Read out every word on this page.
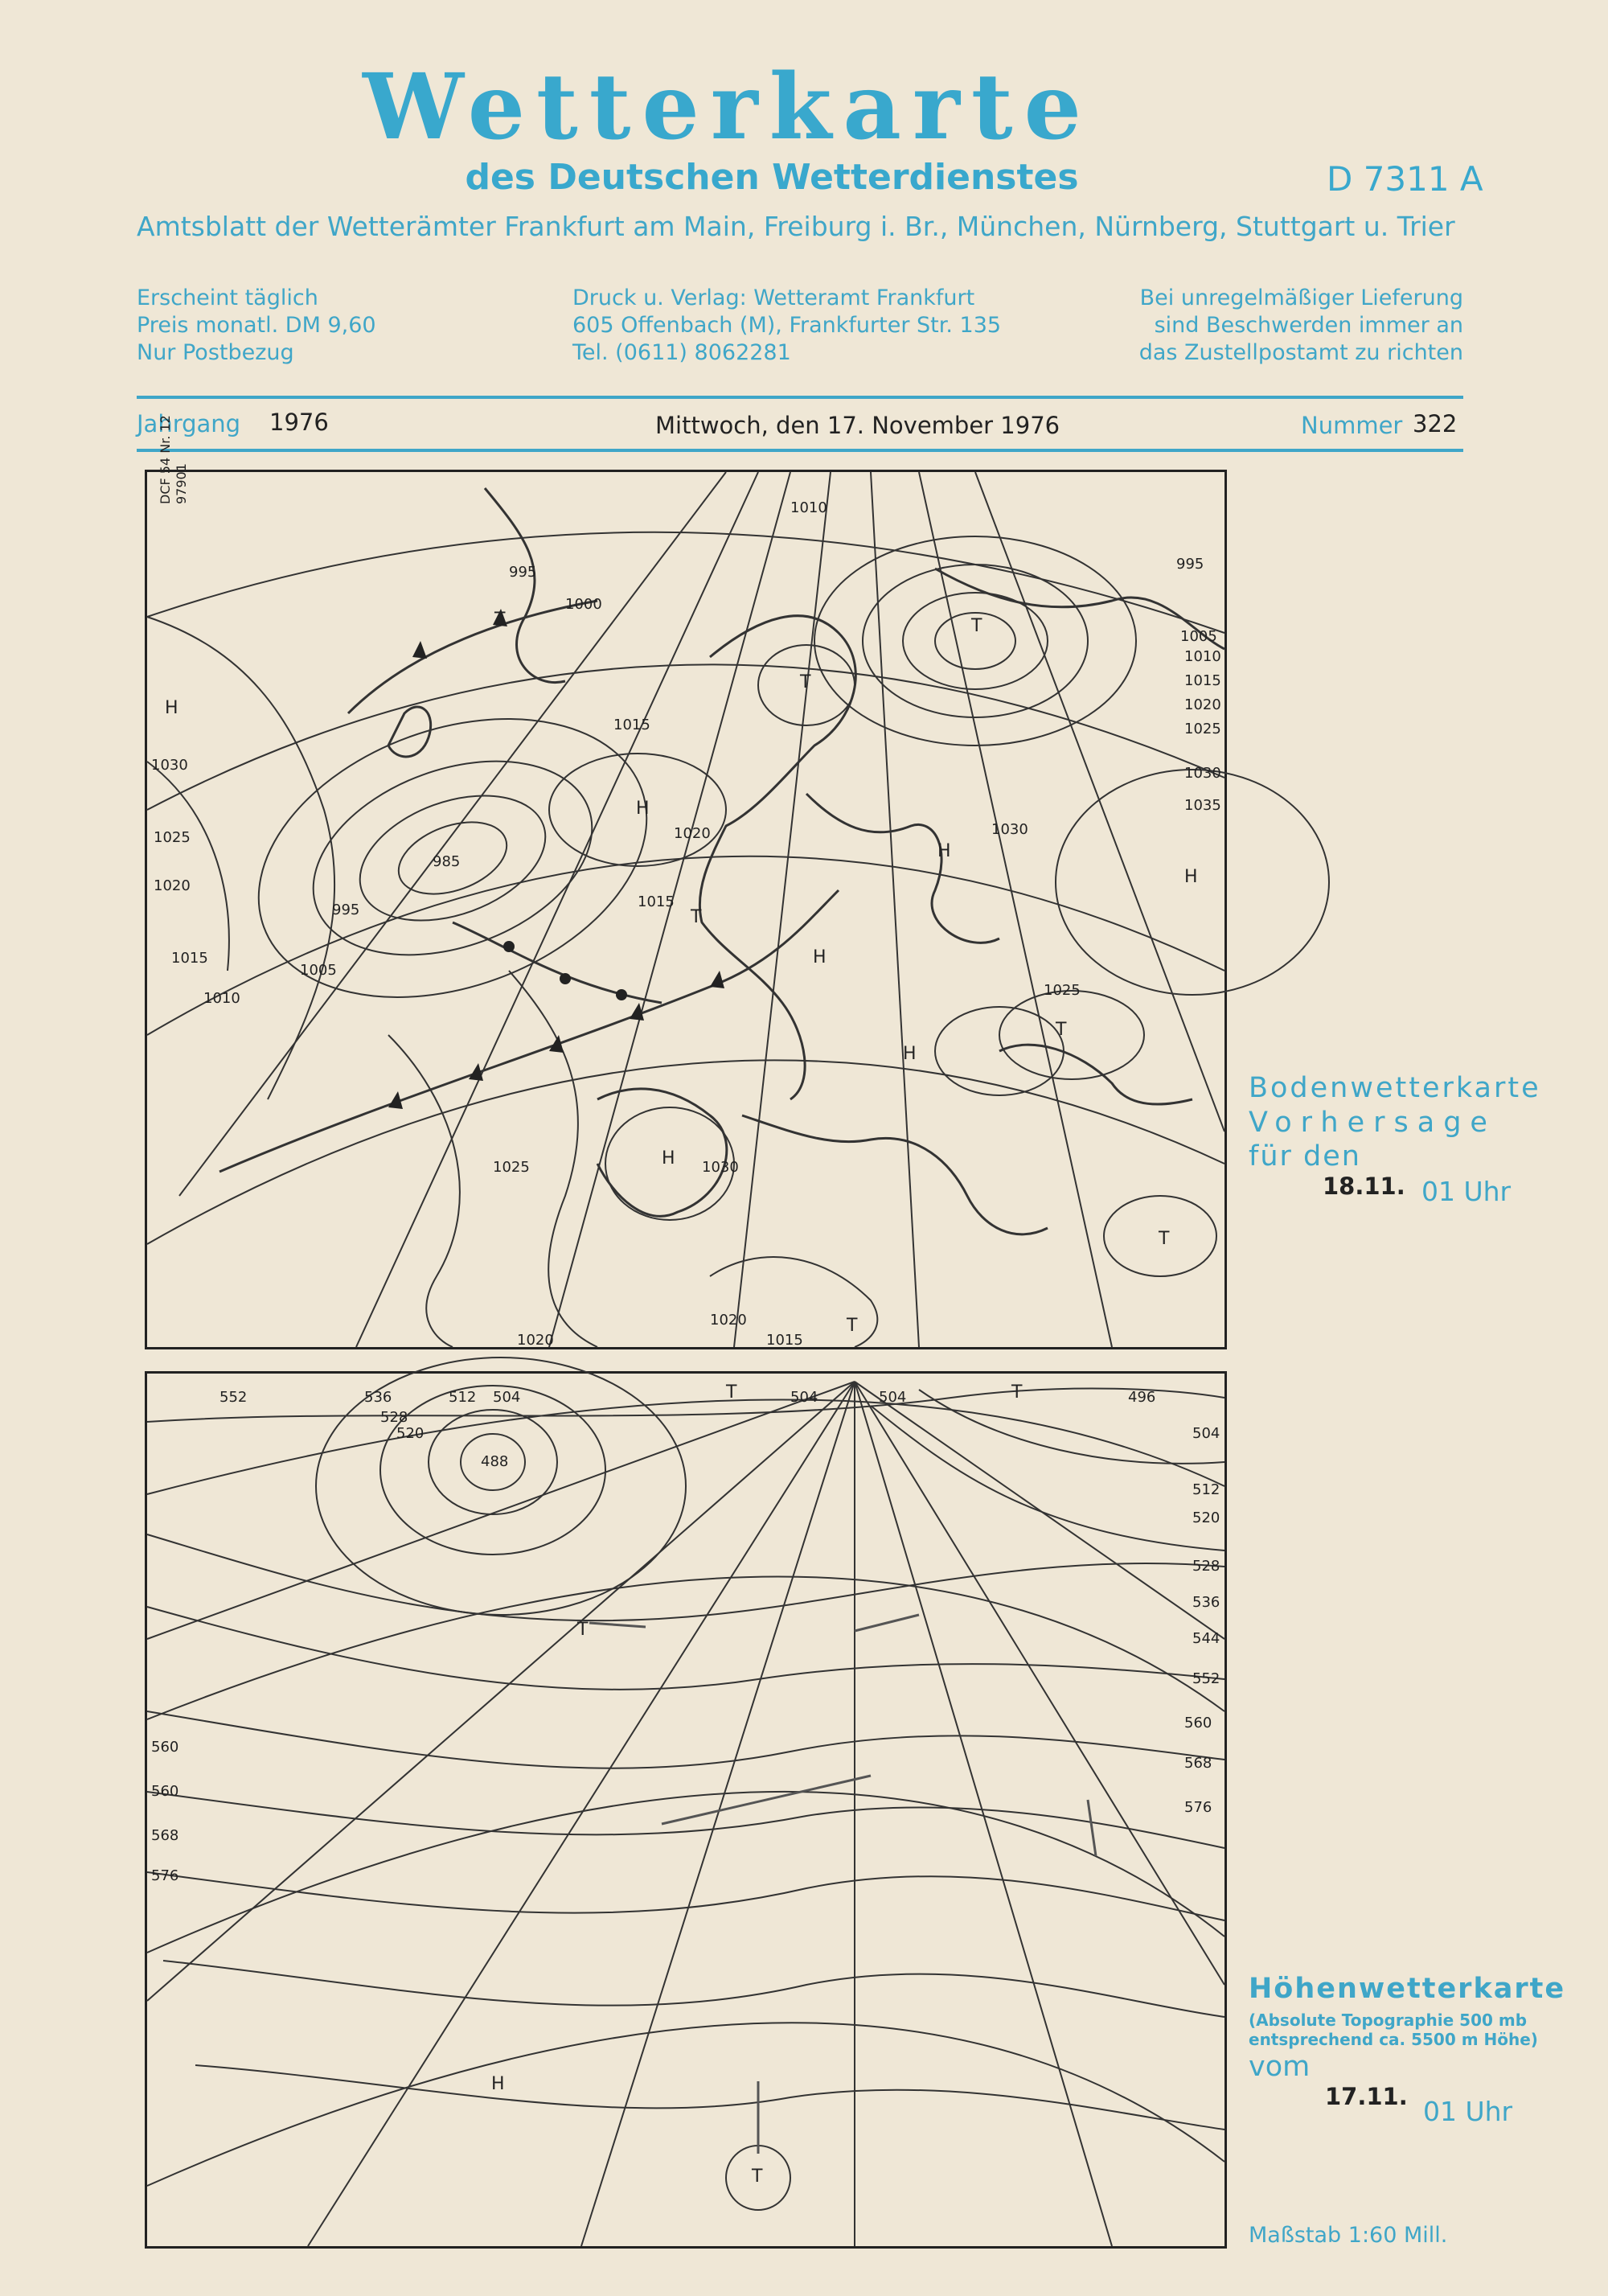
Wetterkarte
des Deutschen Wetterdienstes	D 7311 A
Amtsblatt der Wetterämter Frankfurt am Main, Freiburg i. Br., München, Nürnberg, Stuttgart u. Trier
Erscheint täglich
Preis monatl. DM 9,60
Nur Postbezug
Druck u. Verlag: Wetteramt Frankfurt
605 Offenbach (M), Frankfurter Str. 135
Tel. (0611) 8062281
Bei unregelmäßiger Lieferung
sind Beschwerden immer an
das Zustellpostamt zu richten
Jahrgang 1976	Mittwoch, den 17. November 1976	Nummer 322
DCF 54 Nr. 12 97901
1010
1000
995	995
1005
1010
1015
1020
1025
1030
1035
1030
1025
1020
1015
1010
1015
1020	1030
1025
985
995
1005
1015
1030
1025
1020
1015
1020
T
T
T
H
H
H
H
T
H
T
T
H
H
T
552	536
528
520
512 504
488
504	504	496
504
512
520
528
536
544
552
560
568
576
560
560
568
576
T	T
T
H
T
Bodenwetterkarte
Vorhersage
für den
18.11. 01 Uhr
Höhenwetterkarte
(Absolute Topographie 500 mb
entsprechend ca. 5500 m Höhe)
vom
17.11. 01 Uhr
Maßstab 1:60 Mill.
